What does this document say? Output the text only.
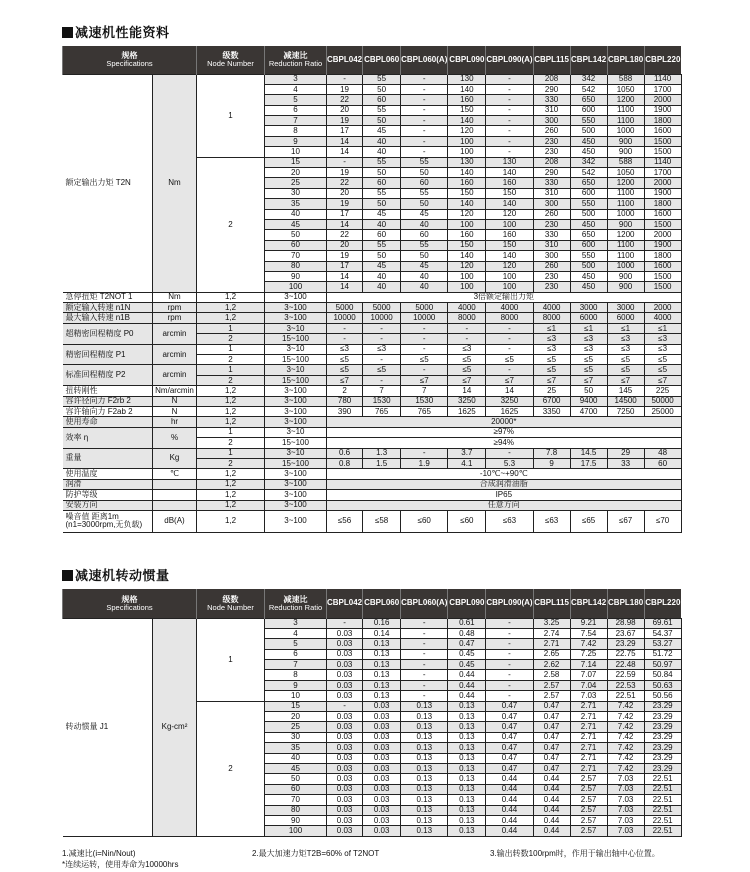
减速机性能资料
规格
Specifications		级数
Node Number	减速比
Reduction Ratio	CBPL042	CBPL060	CBPL060(A)	CBPL090	CBPL090(A)	CBPL115	CBPL142	CBPL180	CBPL220
额定输出力矩 T2N	Nm	1	3	-	55	-	130	-	208	342	588	1140
			4	19	50	-	140	-	290	542	1050	1700
			5	22	60	-	160	-	330	650	1200	2000
			6	20	55	-	150	-	310	600	1100	1900
			7	19	50	-	140	-	300	550	1100	1800
			8	17	45	-	120	-	260	500	1000	1600
			9	14	40	-	100	-	230	450	900	1500
			10	14	40	-	100	-	230	450	900	1500
		2	15	-	55	55	130	130	208	342	588	1140
			20	19	50	50	140	140	290	542	1050	1700
			25	22	60	60	160	160	330	650	1200	2000
			30	20	55	55	150	150	310	600	1100	1900
			35	19	50	50	140	140	300	550	1100	1800
			40	17	45	45	120	120	260	500	1000	1600
			45	14	40	40	100	100	230	450	900	1500
			50	22	60	60	160	160	330	650	1200	2000
			60	20	55	55	150	150	310	600	1100	1900
			70	19	50	50	140	140	300	550	1100	1800
			80	17	45	45	120	120	260	500	1000	1600
			90	14	40	40	100	100	230	450	900	1500
			100	14	40	40	100	100	230	450	900	1500
急停扭矩 T2NOT 1	Nm	1,2	3~100	3倍额定输出力矩								
额定输入转速 n1N	rpm	1,2	3~100	5000	5000	5000	4000	4000	4000	3000	3000	2000
最大输入转速 n1B	rpm	1,2	3~100	10000	10000	10000	8000	8000	8000	6000	6000	4000
超精密回程精度 P0	arcmin	1	3~10	-	-	-	-	-	≤1	≤1	≤1	≤1
		2	15~100	-	-	-	-	-	≤3	≤3	≤3	≤3
精密回程精度 P1	arcmin	1	3~10	≤3	≤3	-	≤3	-	≤3	≤3	≤3	≤3
		2	15~100	≤5	-	≤5	≤5	≤5	≤5	≤5	≤5	≤5
标准回程精度 P2	arcmin	1	3~10	≤5	≤5	-	≤5	-	≤5	≤5	≤5	≤5
		2	15~100	≤7	-	≤7	≤7	≤7	≤7	≤7	≤7	≤7
扭转刚性	Nm/arcmin	1,2	3~100	2	7	7	14	14	25	50	145	225
容许径向力 F2rb 2	N	1,2	3~100	780	1530	1530	3250	3250	6700	9400	14500	50000
容许轴向力 F2ab 2	N	1,2	3~100	390	765	765	1625	1625	3350	4700	7250	25000
使用寿命	hr	1,2	3~100	20000*								
效率 η	%	1	3~10	≥97%								
		2	15~100	≥94%								
重量	Kg	1	3~10	0.6	1.3	-	3.7	-	7.8	14.5	29	48
		2	15~100	0.8	1.5	1.9	4.1	5.3	9	17.5	33	60
使用温度	℃	1,2	3~100	-10℃~+90℃								
润滑		1,2	3~100	合成润滑油脂								
防护等级		1,2	3~100	IP65								
安装方向		1,2	3~100	任意方向								

噪音值 距离1m
(n1=3000rpm,无负载)	dB(A)	1,2	3~100	≤56	≤58	≤60	≤60	≤63	≤63	≤65	≤67	≤70
减速机转动惯量
规格
Specifications		级数
Node Number	减速比
Reduction Ratio	CBPL042	CBPL060	CBPL060(A)	CBPL090	CBPL090(A)	CBPL115	CBPL142	CBPL180	CBPL220
转动惯量 J1	Kg-cm²	1	3	-	0.16	-	0.61	-	3.25	9.21	28.98	69.61
			4	0.03	0.14	-	0.48	-	2.74	7.54	23.67	54.37
			5	0.03	0.13	-	0.47	-	2.71	7.42	23.29	53.27
			6	0.03	0.13	-	0.45	-	2.65	7.25	22.75	51.72
			7	0.03	0.13	-	0.45	-	2.62	7.14	22.48	50.97
			8	0.03	0.13	-	0.44	-	2.58	7.07	22.59	50.84
			9	0.03	0.13	-	0.44	-	2.57	7.04	22.53	50.63
			10	0.03	0.13	-	0.44	-	2.57	7.03	22.51	50.56
		2	15	-	0.03	0.13	0.13	0.47	0.47	2.71	7.42	23.29
			20	0.03	0.03	0.13	0.13	0.47	0.47	2.71	7.42	23.29
			25	0.03	0.03	0.13	0.13	0.47	0.47	2.71	7.42	23.29
			30	0.03	0.03	0.13	0.13	0.47	0.47	2.71	7.42	23.29
			35	0.03	0.03	0.13	0.13	0.47	0.47	2.71	7.42	23.29
			40	0.03	0.03	0.13	0.13	0.47	0.47	2.71	7.42	23.29
			45	0.03	0.03	0.13	0.13	0.47	0.47	2.71	7.42	23.29
			50	0.03	0.03	0.13	0.13	0.44	0.44	2.57	7.03	22.51
			60	0.03	0.03	0.13	0.13	0.44	0.44	2.57	7.03	22.51
			70	0.03	0.03	0.13	0.13	0.44	0.44	2.57	7.03	22.51
			80	0.03	0.03	0.13	0.13	0.44	0.44	2.57	7.03	22.51
			90	0.03	0.03	0.13	0.13	0.44	0.44	2.57	7.03	22.51
			100	0.03	0.03	0.13	0.13	0.44	0.44	2.57	7.03	22.51
1.减速比(i=Nin/Nout)	2.最大加速力矩T2B=60% of T2NOT	3.输出转数100rpm时，作用于输出轴中心位置。
*连续运转，使用寿命为10000hrs
